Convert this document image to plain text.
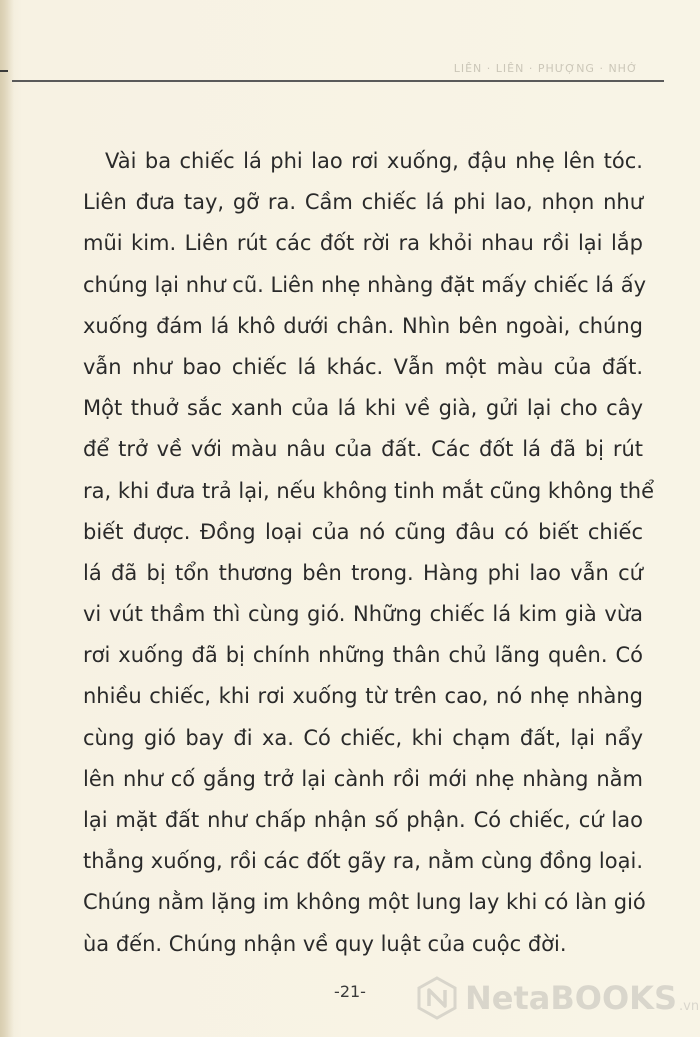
LIÊN · LIÊN · PHƯỢNG · NHỚ
Vài ba chiếc lá phi lao rơi xuống, đậu nhẹ lên tóc.
Liên đưa tay, gỡ ra. Cầm chiếc lá phi lao, nhọn như
mũi kim. Liên rút các đốt rời ra khỏi nhau rồi lại lắp
chúng lại như cũ. Liên nhẹ nhàng đặt mấy chiếc lá ấy
xuống đám lá khô dưới chân. Nhìn bên ngoài, chúng
vẫn như bao chiếc lá khác. Vẫn một màu của đất.
Một thuở sắc xanh của lá khi về già, gửi lại cho cây
để trở về với màu nâu của đất. Các đốt lá đã bị rút
ra, khi đưa trả lại, nếu không tinh mắt cũng không thể
biết được. Đồng loại của nó cũng đâu có biết chiếc
lá đã bị tổn thương bên trong. Hàng phi lao vẫn cứ
vi vút thầm thì cùng gió. Những chiếc lá kim già vừa
rơi xuống đã bị chính những thân chủ lãng quên. Có
nhiều chiếc, khi rơi xuống từ trên cao, nó nhẹ nhàng
cùng gió bay đi xa. Có chiếc, khi chạm đất, lại nẩy
lên như cố gắng trở lại cành rồi mới nhẹ nhàng nằm
lại mặt đất như chấp nhận số phận. Có chiếc, cứ lao
thẳng xuống, rồi các đốt gãy ra, nằm cùng đồng loại.
Chúng nằm lặng im không một lung lay khi có làn gió
ùa đến. Chúng nhận về quy luật của cuộc đời.
-21-	NetaBOOKS .vn
